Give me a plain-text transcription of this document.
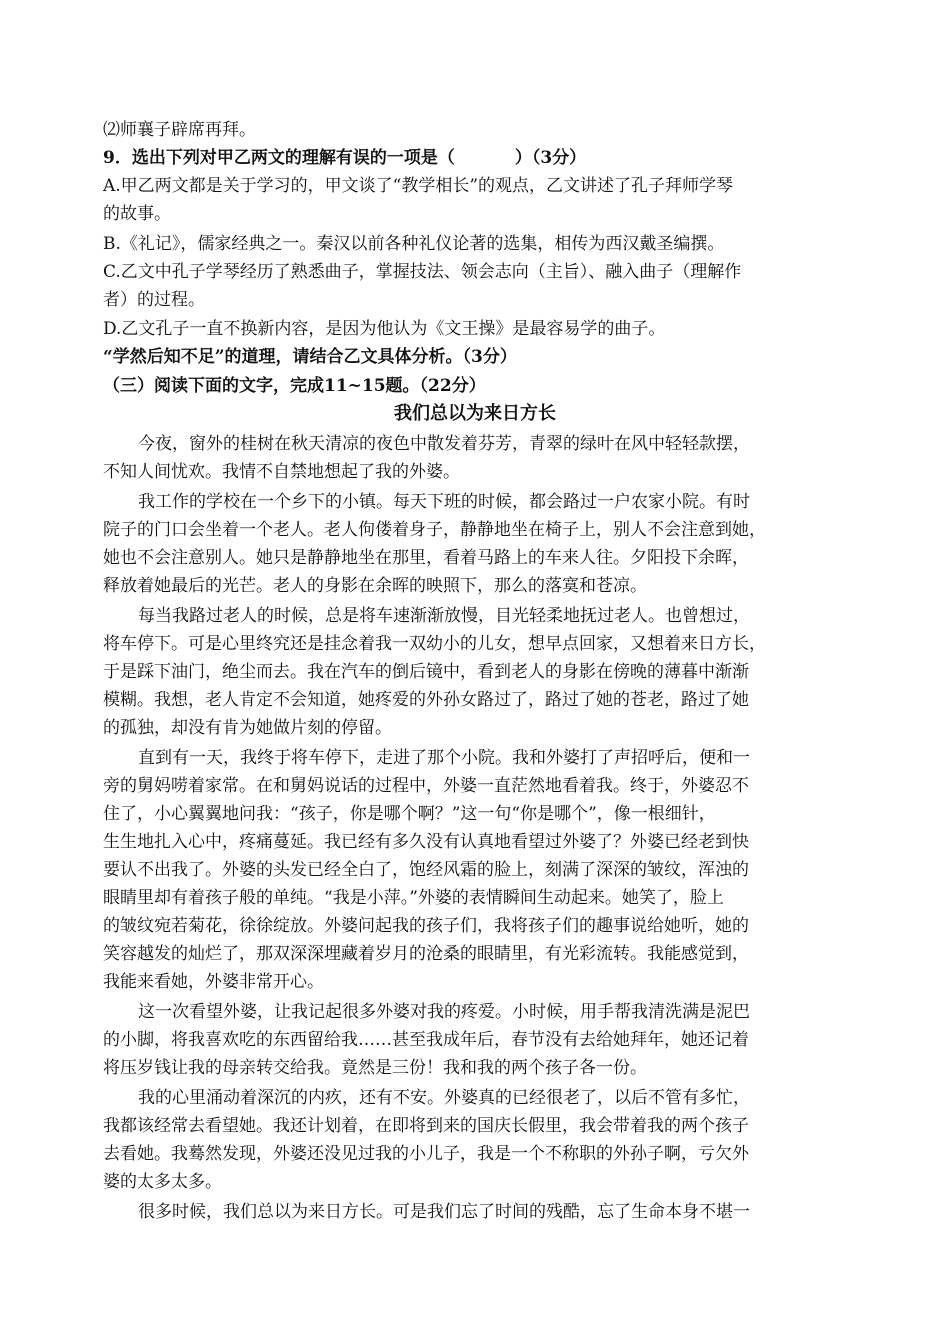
⑵师襄子辟席再拜。
9．选出下列对甲乙两文的理解有误的一项是（	）（3分）
A.甲乙两文都是关于学习的，甲文谈了“教学相长”的观点，乙文讲述了孔子拜师学琴
的故事。
B.《礼记》，儒家经典之一。秦汉以前各种礼仪论著的选集，相传为西汉戴圣编撰。
C.乙文中孔子学琴经历了熟悉曲子，掌握技法、领会志向（主旨）、融入曲子（理解作
者）的过程。
D.乙文孔子一直不换新内容，是因为他认为《文王操》是最容易学的曲子。
“学然后知不足”的道理，请结合乙文具体分析。（3分）
（三）阅读下面的文字，完成11~15题。（22分）
我们总以为来日方长
今夜，窗外的桂树在秋天清凉的夜色中散发着芬芳，青翠的绿叶在风中轻轻款摆，
不知人间忧欢。我情不自禁地想起了我的外婆。
我工作的学校在一个乡下的小镇。每天下班的时候，都会路过一户农家小院。有时
院子的门口会坐着一个老人。老人佝偻着身子，静静地坐在椅子上，别人不会注意到她，
她也不会注意别人。她只是静静地坐在那里，看着马路上的车来人往。夕阳投下余晖，
释放着她最后的光芒。老人的身影在余晖的映照下，那么的落寞和苍凉。
每当我路过老人的时候，总是将车速渐渐放慢，目光轻柔地抚过老人。也曾想过，
将车停下。可是心里终究还是挂念着我一双幼小的儿女，想早点回家，又想着来日方长，
于是踩下油门，绝尘而去。我在汽车的倒后镜中，看到老人的身影在傍晚的薄暮中渐渐
模糊。我想，老人肯定不会知道，她疼爱的外孙女路过了，路过了她的苍老，路过了她
的孤独，却没有肯为她做片刻的停留。
直到有一天，我终于将车停下，走进了那个小院。我和外婆打了声招呼后，便和一
旁的舅妈唠着家常。在和舅妈说话的过程中，外婆一直茫然地看着我。终于，外婆忍不
住了，小心翼翼地问我：“孩子，你是哪个啊？”这一句“你是哪个”，像一根细针，
生生地扎入心中，疼痛蔓延。我已经有多久没有认真地看望过外婆了？外婆已经老到快
要认不出我了。外婆的头发已经全白了，饱经风霜的脸上，刻满了深深的皱纹，浑浊的
眼睛里却有着孩子般的单纯。“我是小萍。”外婆的表情瞬间生动起来。她笑了，脸上
的皱纹宛若菊花，徐徐绽放。外婆问起我的孩子们，我将孩子们的趣事说给她听，她的
笑容越发的灿烂了，那双深深埋藏着岁月的沧桑的眼睛里，有光彩流转。我能感觉到，
我能来看她，外婆非常开心。
这一次看望外婆，让我记起很多外婆对我的疼爱。小时候，用手帮我清洗满是泥巴
的小脚，将我喜欢吃的东西留给我……甚至我成年后，春节没有去给她拜年，她还记着
将压岁钱让我的母亲转交给我。竟然是三份！我和我的两个孩子各一份。
我的心里涌动着深沉的内疚，还有不安。外婆真的已经很老了，以后不管有多忙，
我都该经常去看望她。我还计划着，在即将到来的国庆长假里，我会带着我的两个孩子
去看她。我蓦然发现，外婆还没见过我的小儿子，我是一个不称职的外孙子啊，亏欠外
婆的太多太多。
很多时候，我们总以为来日方长。可是我们忘了时间的残酷，忘了生命本身不堪一
